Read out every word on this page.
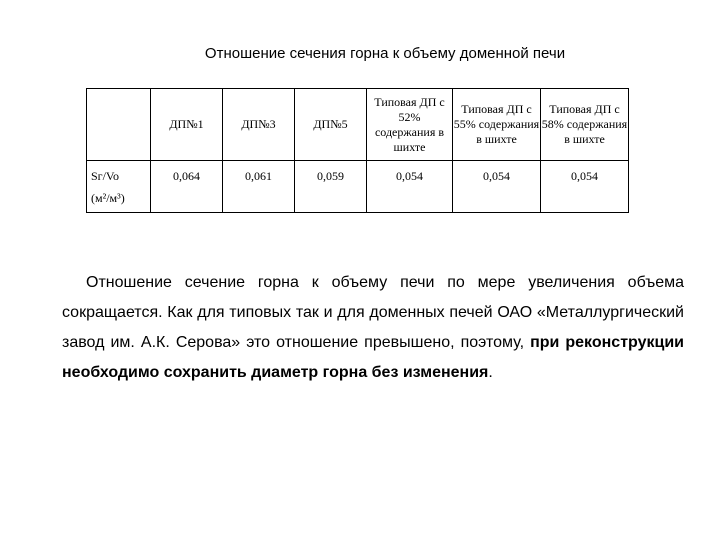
Отношение сечения горна к объему доменной печи
	ДП№1	ДП№3	ДП№5	Типовая ДП с 52% содержания в шихте	Типовая ДП с 55% содержания в шихте	Типовая ДП с 58% содержания в шихте

Sг/Vo
(м²/м³)	0,064	0,061	0,059	0,054	0,054	0,054

Отношение сечение горна к объему печи по мере увеличения объема сокращается. Как для типовых так и для доменных печей ОАО «Металлургический завод им. А.К. Серова» это отношение превышено, поэтому, при реконструкции необходимо сохранить диаметр горна без изменения.
